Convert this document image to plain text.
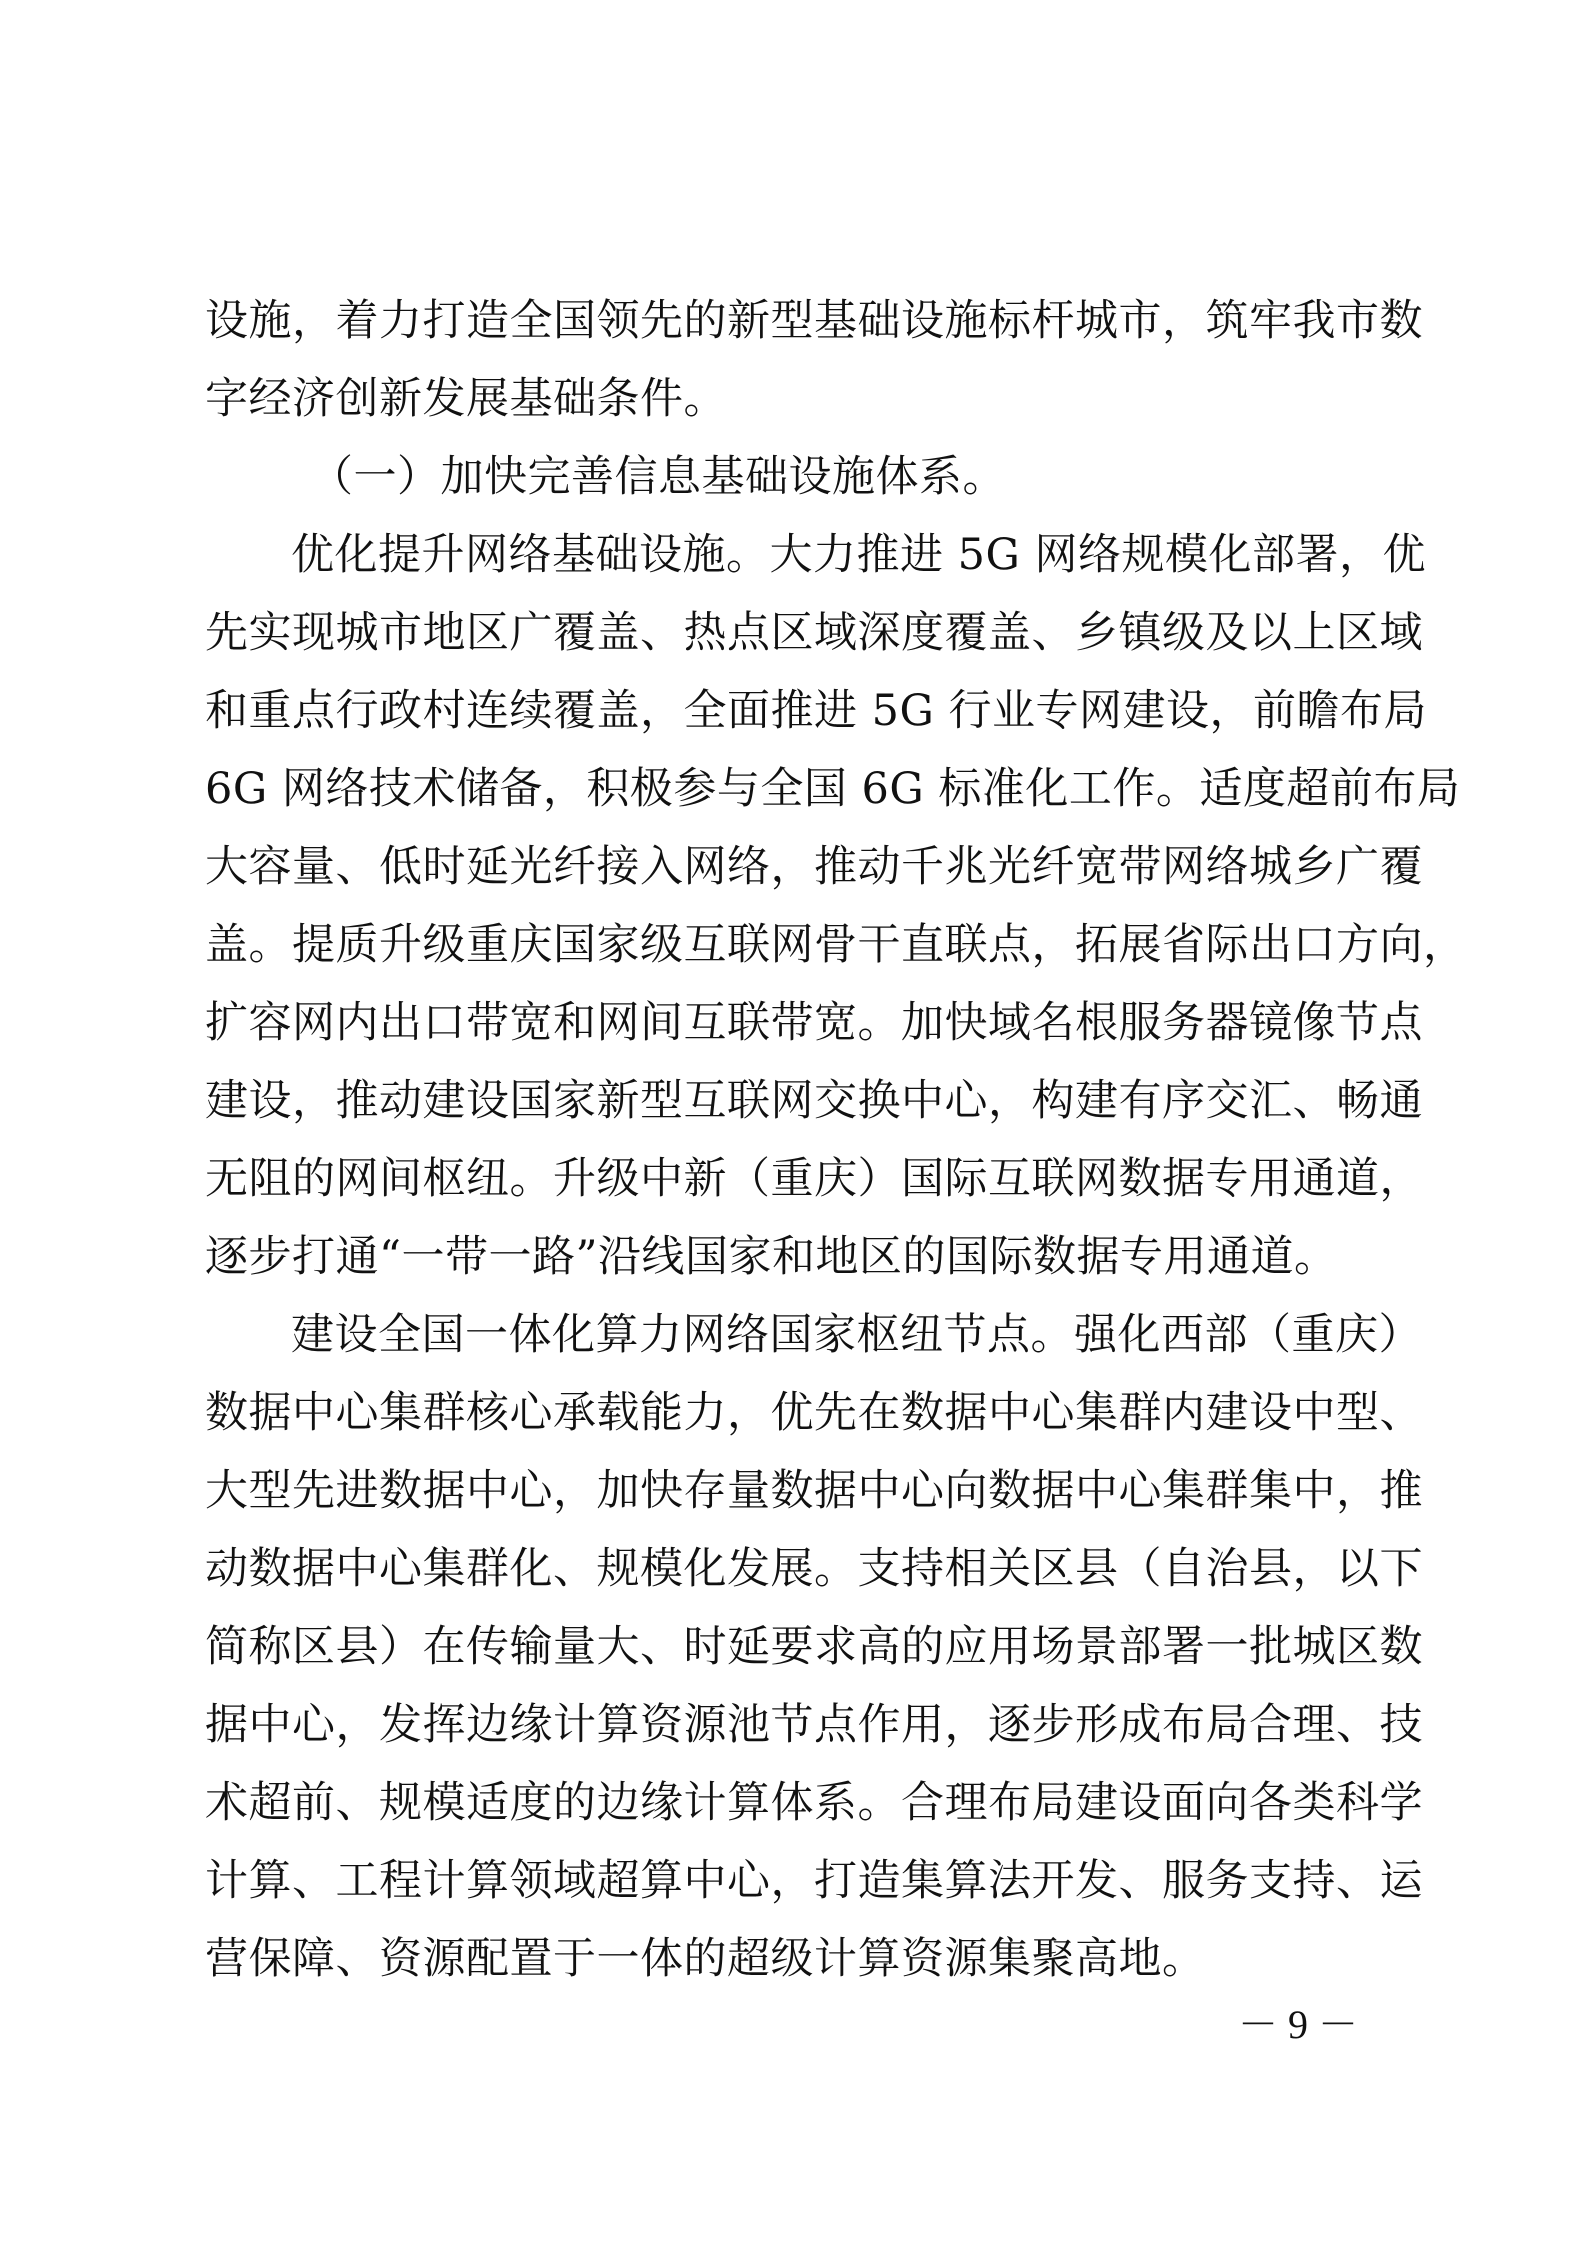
设施，着力打造全国领先的新型基础设施标杆城市，筑牢我市数
字经济创新发展基础条件。
（一）加快完善信息基础设施体系。
优化提升网络基础设施。大力推进 5G 网络规模化部署，优
先实现城市地区广覆盖、热点区域深度覆盖、乡镇级及以上区域
和重点行政村连续覆盖，全面推进 5G 行业专网建设，前瞻布局
6G 网络技术储备，积极参与全国 6G 标准化工作。适度超前布局
大容量、低时延光纤接入网络，推动千兆光纤宽带网络城乡广覆
盖。提质升级重庆国家级互联网骨干直联点，拓展省际出口方向，
扩容网内出口带宽和网间互联带宽。加快域名根服务器镜像节点
建设，推动建设国家新型互联网交换中心，构建有序交汇、畅通
无阻的网间枢纽。升级中新（重庆）国际互联网数据专用通道，
逐步打通“一带一路”沿线国家和地区的国际数据专用通道。
建设全国一体化算力网络国家枢纽节点。强化西部（重庆）
数据中心集群核心承载能力，优先在数据中心集群内建设中型、
大型先进数据中心，加快存量数据中心向数据中心集群集中，推
动数据中心集群化、规模化发展。支持相关区县（自治县，以下
简称区县）在传输量大、时延要求高的应用场景部署一批城区数
据中心，发挥边缘计算资源池节点作用，逐步形成布局合理、技
术超前、规模适度的边缘计算体系。合理布局建设面向各类科学
计算、工程计算领域超算中心，打造集算法开发、服务支持、运
营保障、资源配置于一体的超级计算资源集聚高地。
－ 9 －
